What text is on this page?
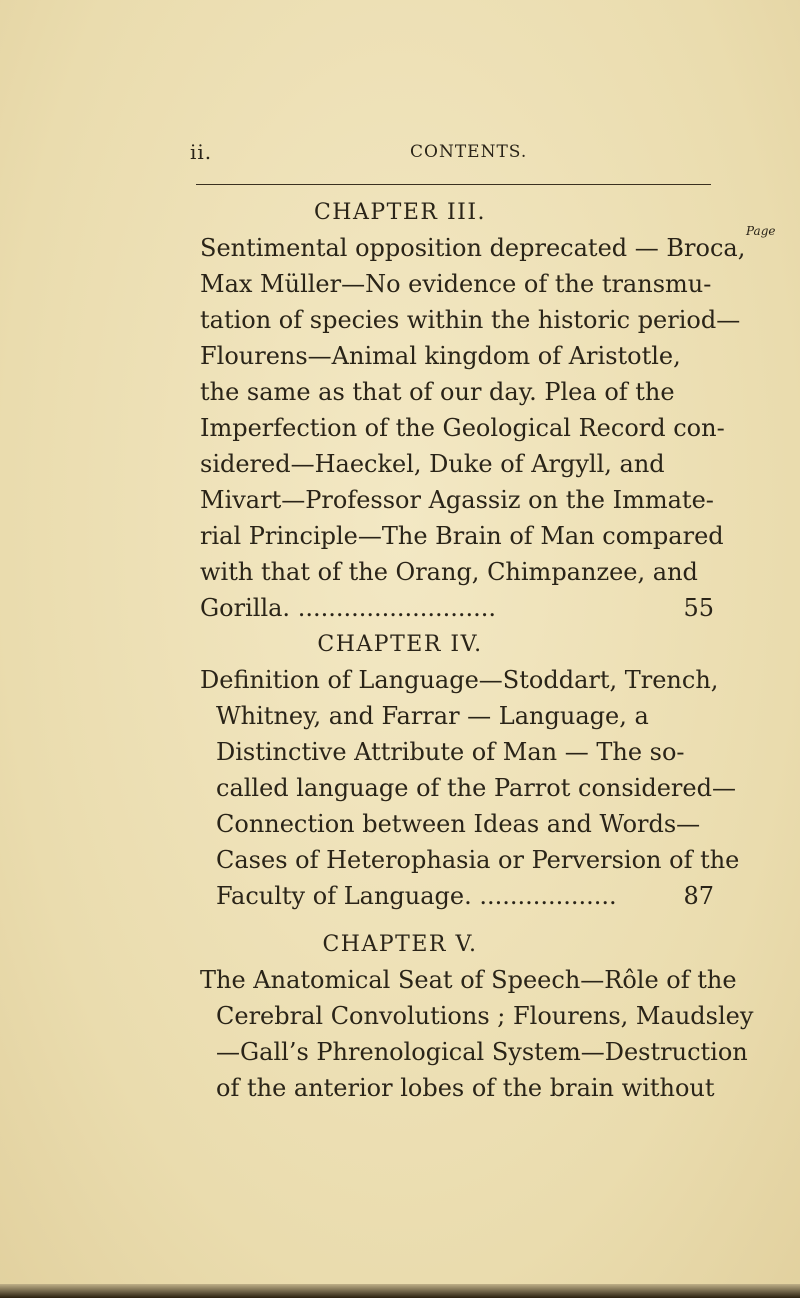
ii.	CONTENTS.
CHAPTER III.
Page
Sentimental opposition deprecated — Broca,
Max Müller—No evidence of the transmu-
tation of species within the historic period—
Flourens—Animal kingdom of Aristotle,
the same as that of our day. Plea of the
Imperfection of the Geological Record con-
sidered—Haeckel, Duke of Argyll, and
Mivart—Professor Agassiz on the Immate-
rial Principle—The Brain of Man compared
with that of the Orang, Chimpanzee, and
Gorilla. ..........................	55
CHAPTER IV.
Definition of Language—Stoddart, Trench,
Whitney, and Farrar — Language, a
Distinctive Attribute of Man — The so-
called language of the Parrot considered—
Connection between Ideas and Words—
Cases of Heterophasia or Perversion of the
Faculty of Language. ..................	87
CHAPTER V.
The Anatomical Seat of Speech—Rôle of the
Cerebral Convolutions ; Flourens, Maudsley
—Gall’s Phrenological System—Destruction
of the anterior lobes of the brain without
